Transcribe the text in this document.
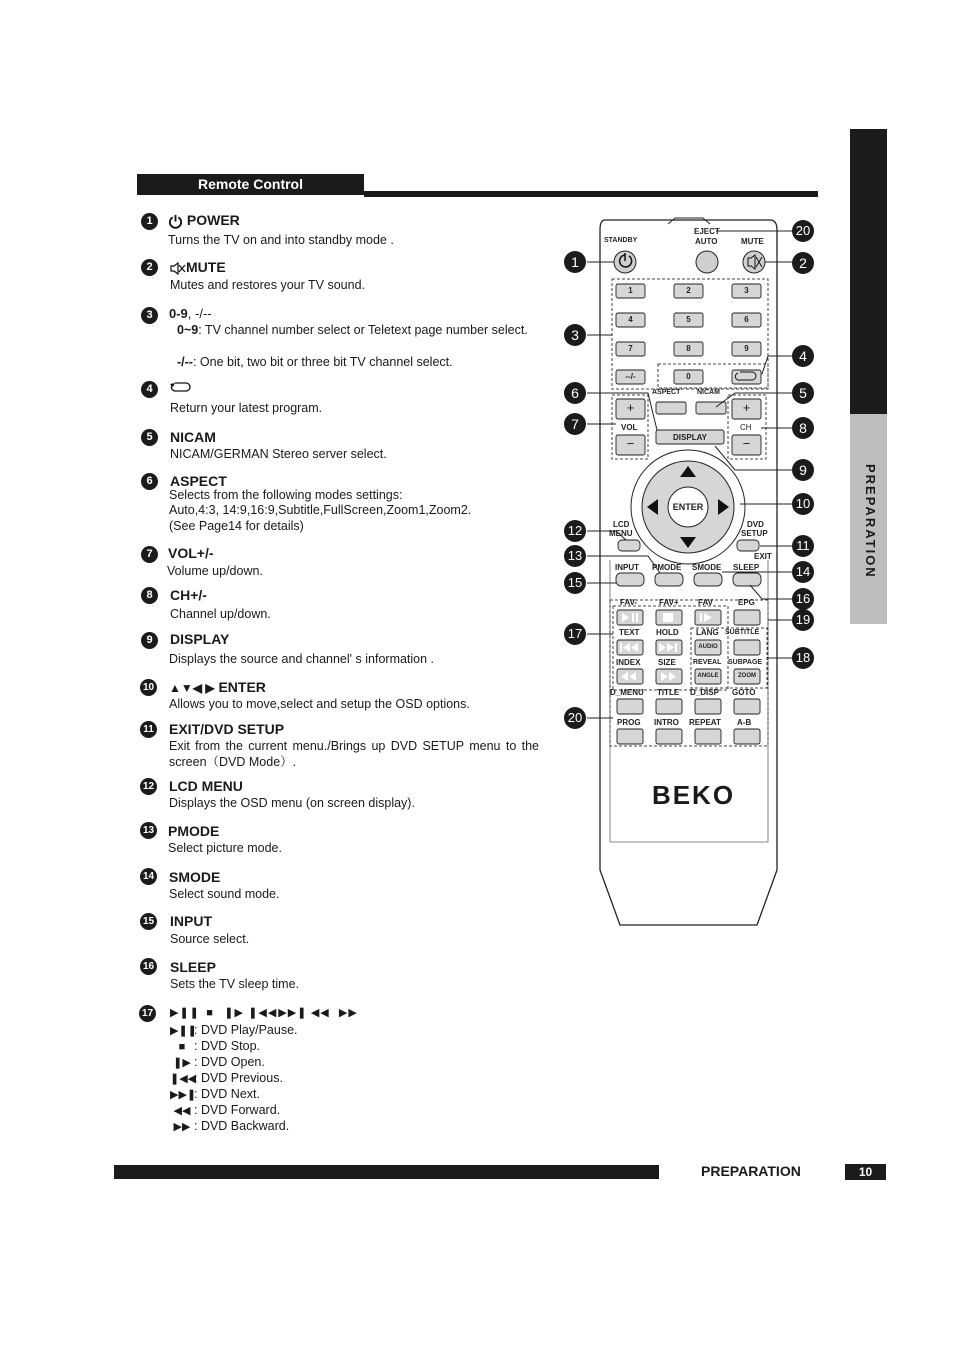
Remote Control
PREPARATION
1	POWER
Turns the TV on and into standby mode .
2	MUTE
Mutes and restores your TV sound.
3	0-9, -/--
0~9: TV channel number select or Teletext page number select.
-/--: One bit, two bit or three bit TV channel select.
4
Return your latest program.
5	NICAM
NICAM/GERMAN Stereo server select.
6	ASPECT
Selects from the following modes settings:
Auto,4:3, 14:9,16:9,Subtitle,FullScreen,Zoom1,Zoom2.
(See Page14 for details)
7	VOL+/-
Volume up/down.
8	CH+/-
Channel up/down.
9	DISPLAY
Displays the source and channel' s information .
10 ▲▼◀ ▶ ENTER
Allows you to move,select and setup the OSD options.
11 EXIT/DVD SETUP
Exit from the current menu./Brings up DVD SETUP menu to the screen（DVD Mode）.
12 LCD MENU
Displays the OSD menu (on screen display).
13 PMODE
Select picture mode.
14 SMODE
Select sound mode.
15 INPUT
Source select.
16 SLEEP
Sets the TV sleep time.
17 ▶❚❚ ■ ❚▶ ❚◀◀ ▶▶❚ ◀◀ ▶▶
▶❚❚: DVD Play/Pause.
■ : DVD Stop.
❚▶ : DVD Open.
❚◀◀: DVD Previous.
▶▶❚: DVD Next.
◀◀ : DVD Forward.
▶▶ : DVD Backward.
STANDBY
EJECT
AUTO	MUTE
1	2	3
4	5	6
7	8	9
--/-	0
ASPECT NICAM
+
−
+
−
VOL	CH
DISPLAY
ENTER
LCD
MENU
DVD
SETUP
EXIT
INPUT PMODE SMODE SLEEP
FAV-	FAV+ FAV	EPG
TEXT HOLD LANG SUBTITLE
INDEX SIZE REVEAL SUBPAGE
AUDIO
ANGLE	ZOOM
D_MENU TITLE D_DISP GOTO
PROG INTRO REPEAT A-B
BEKO
1	2
3
4
5
6
7	8
9
10
11
12
13
14
15
16
17
18
19
20
20
PREPARATION	10
